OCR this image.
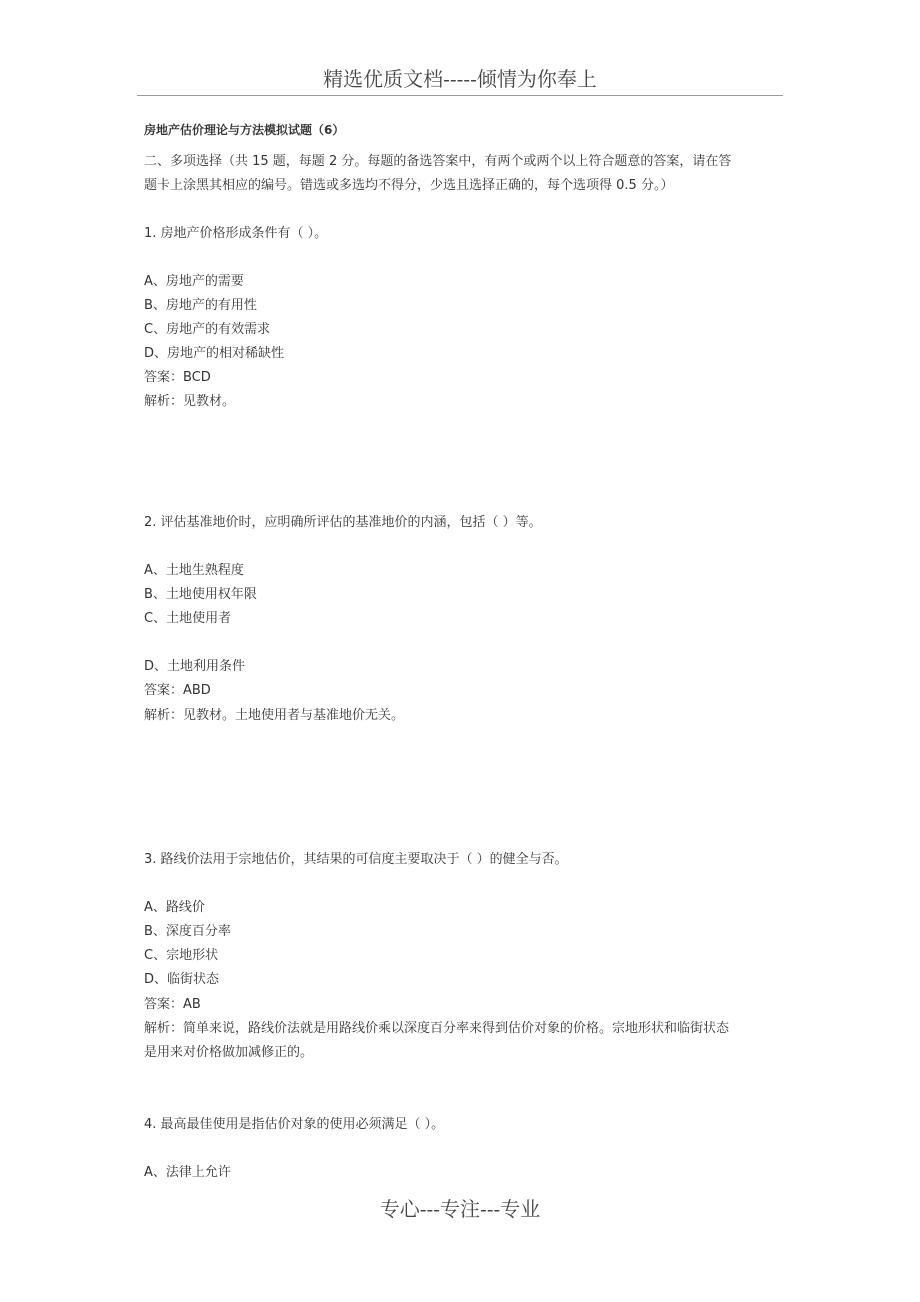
精选优质文档-----倾情为你奉上
房地产估价理论与方法模拟试题（6）
二、多项选择（共 15 题，每题 2 分。每题的备选答案中，有两个或两个以上符合题意的答案，请在答
题卡上涂黑其相应的编号。错选或多选均不得分，少选且选择正确的，每个选项得 0.5 分。）
1. 房地产价格形成条件有（ ）。
A、房地产的需要
B、房地产的有用性
C、房地产的有效需求
D、房地产的相对稀缺性
答案：BCD
解析：见教材。
2. 评估基准地价时，应明确所评估的基准地价的内涵，包括（ ）等。
A、土地生熟程度
B、土地使用权年限
C、土地使用者
D、土地利用条件
答案：ABD
解析：见教材。土地使用者与基准地价无关。
3. 路线价法用于宗地估价，其结果的可信度主要取决于（ ）的健全与否。
A、路线价
B、深度百分率
C、宗地形状
D、临街状态
答案：AB
解析：简单来说，路线价法就是用路线价乘以深度百分率来得到估价对象的价格。宗地形状和临街状态
是用来对价格做加减修正的。
4. 最高最佳使用是指估价对象的使用必须满足（ ）。
A、法律上允许
专心---专注---专业
